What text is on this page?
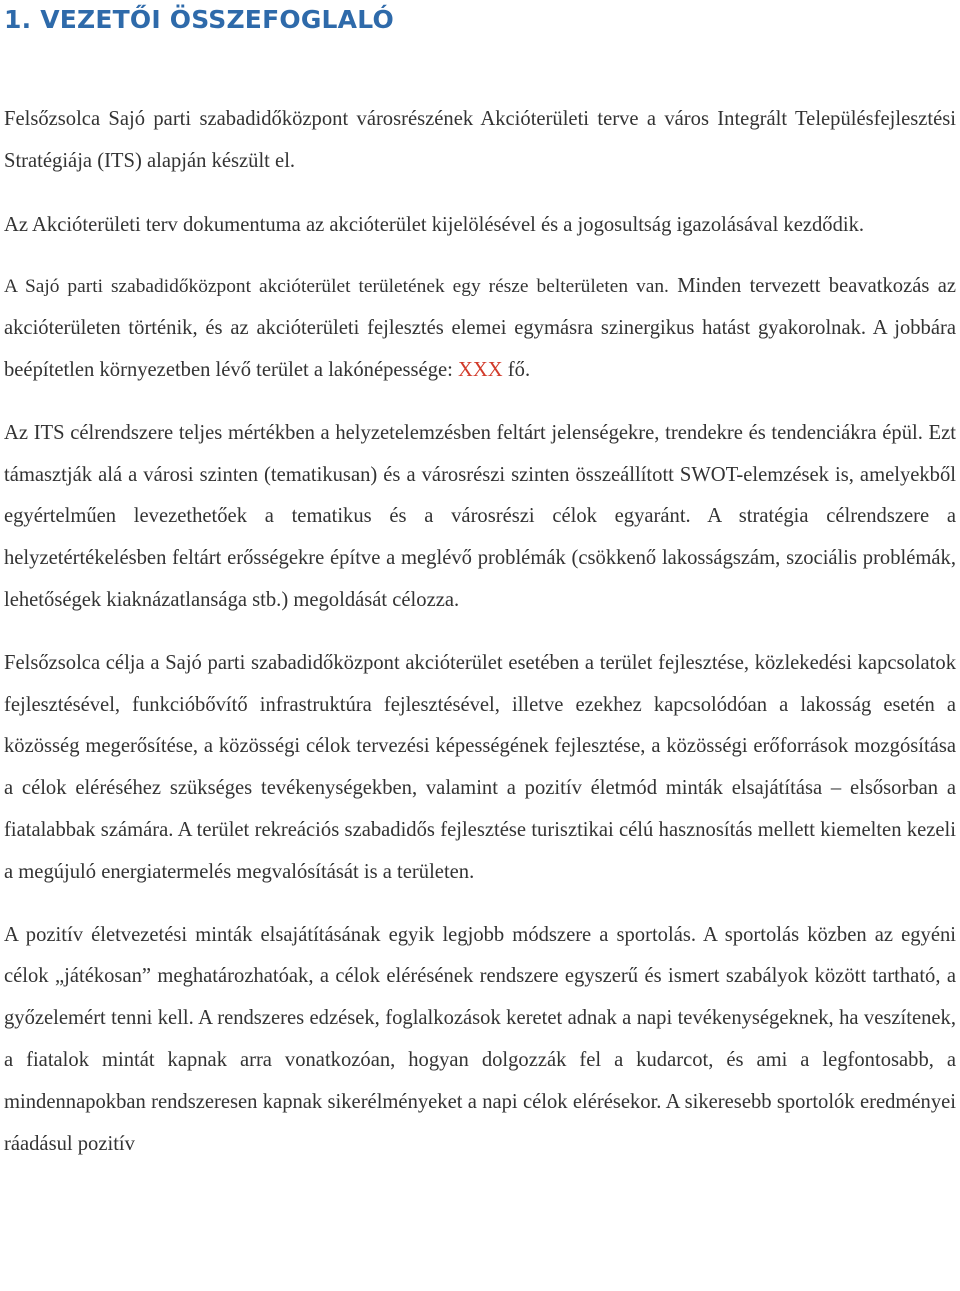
1. VEZETŐI ÖSSZEFOGLALÓ

Felsőzsolca Sajó parti szabadidőközpont városrészének Akcióterületi terve a város Integrált Településfejlesztési Stratégiája (ITS) alapján készült el.

Az Akcióterületi terv dokumentuma az akcióterület kijelölésével és a jogosultság igazolásával kezdődik.

A Sajó parti szabadidőközpont akcióterület területének egy része belterületen van. Minden tervezett beavatkozás az akcióterületen történik, és az akcióterületi fejlesztés elemei egymásra szinergikus hatást gyakorolnak. A jobbára beépítetlen környezetben lévő terület a lakónépessége: XXX fő.

Az ITS célrendszere teljes mértékben a helyzetelemzésben feltárt jelenségekre, trendekre és tendenciákra épül. Ezt támasztják alá a városi szinten (tematikusan) és a városrészi szinten összeállított SWOT-elemzések is, amelyekből egyértelműen levezethetőek a tematikus és a városrészi célok egyaránt. A stratégia célrendszere a helyzetértékelésben feltárt erősségekre építve a meglévő problémák (csökkenő lakosságszám, szociális problémák, lehetőségek kiaknázatlansága stb.) megoldását célozza.

Felsőzsolca célja a Sajó parti szabadidőközpont akcióterület esetében a terület fejlesztése, közlekedési kapcsolatok fejlesztésével, funkcióbővítő infrastruktúra fejlesztésével, illetve ezekhez kapcsolódóan a lakosság esetén a közösség megerősítése, a közösségi célok tervezési képességének fejlesztése, a közösségi erőforrások mozgósítása a célok eléréséhez szükséges tevékenységekben, valamint a pozitív életmód minták elsajátítása – elsősorban a fiatalabbak számára. A terület rekreációs szabadidős fejlesztése turisztikai célú hasznosítás mellett kiemelten kezeli a megújuló energiatermelés megvalósítását is a területen.

A pozitív életvezetési minták elsajátításának egyik legjobb módszere a sportolás. A sportolás közben az egyéni célok „játékosan” meghatározhatóak, a célok elérésének rendszere egyszerű és ismert szabályok között tartható, a győzelemért tenni kell. A rendszeres edzések, foglalkozások keretet adnak a napi tevékenységeknek, ha veszítenek, a fiatalok mintát kapnak arra vonatkozóan, hogyan dolgozzák fel a kudarcot, és ami a legfontosabb, a mindennapokban rendszeresen kapnak sikerélményeket a napi célok elérésekor. A sikeresebb sportolók eredményei ráadásul pozitív
